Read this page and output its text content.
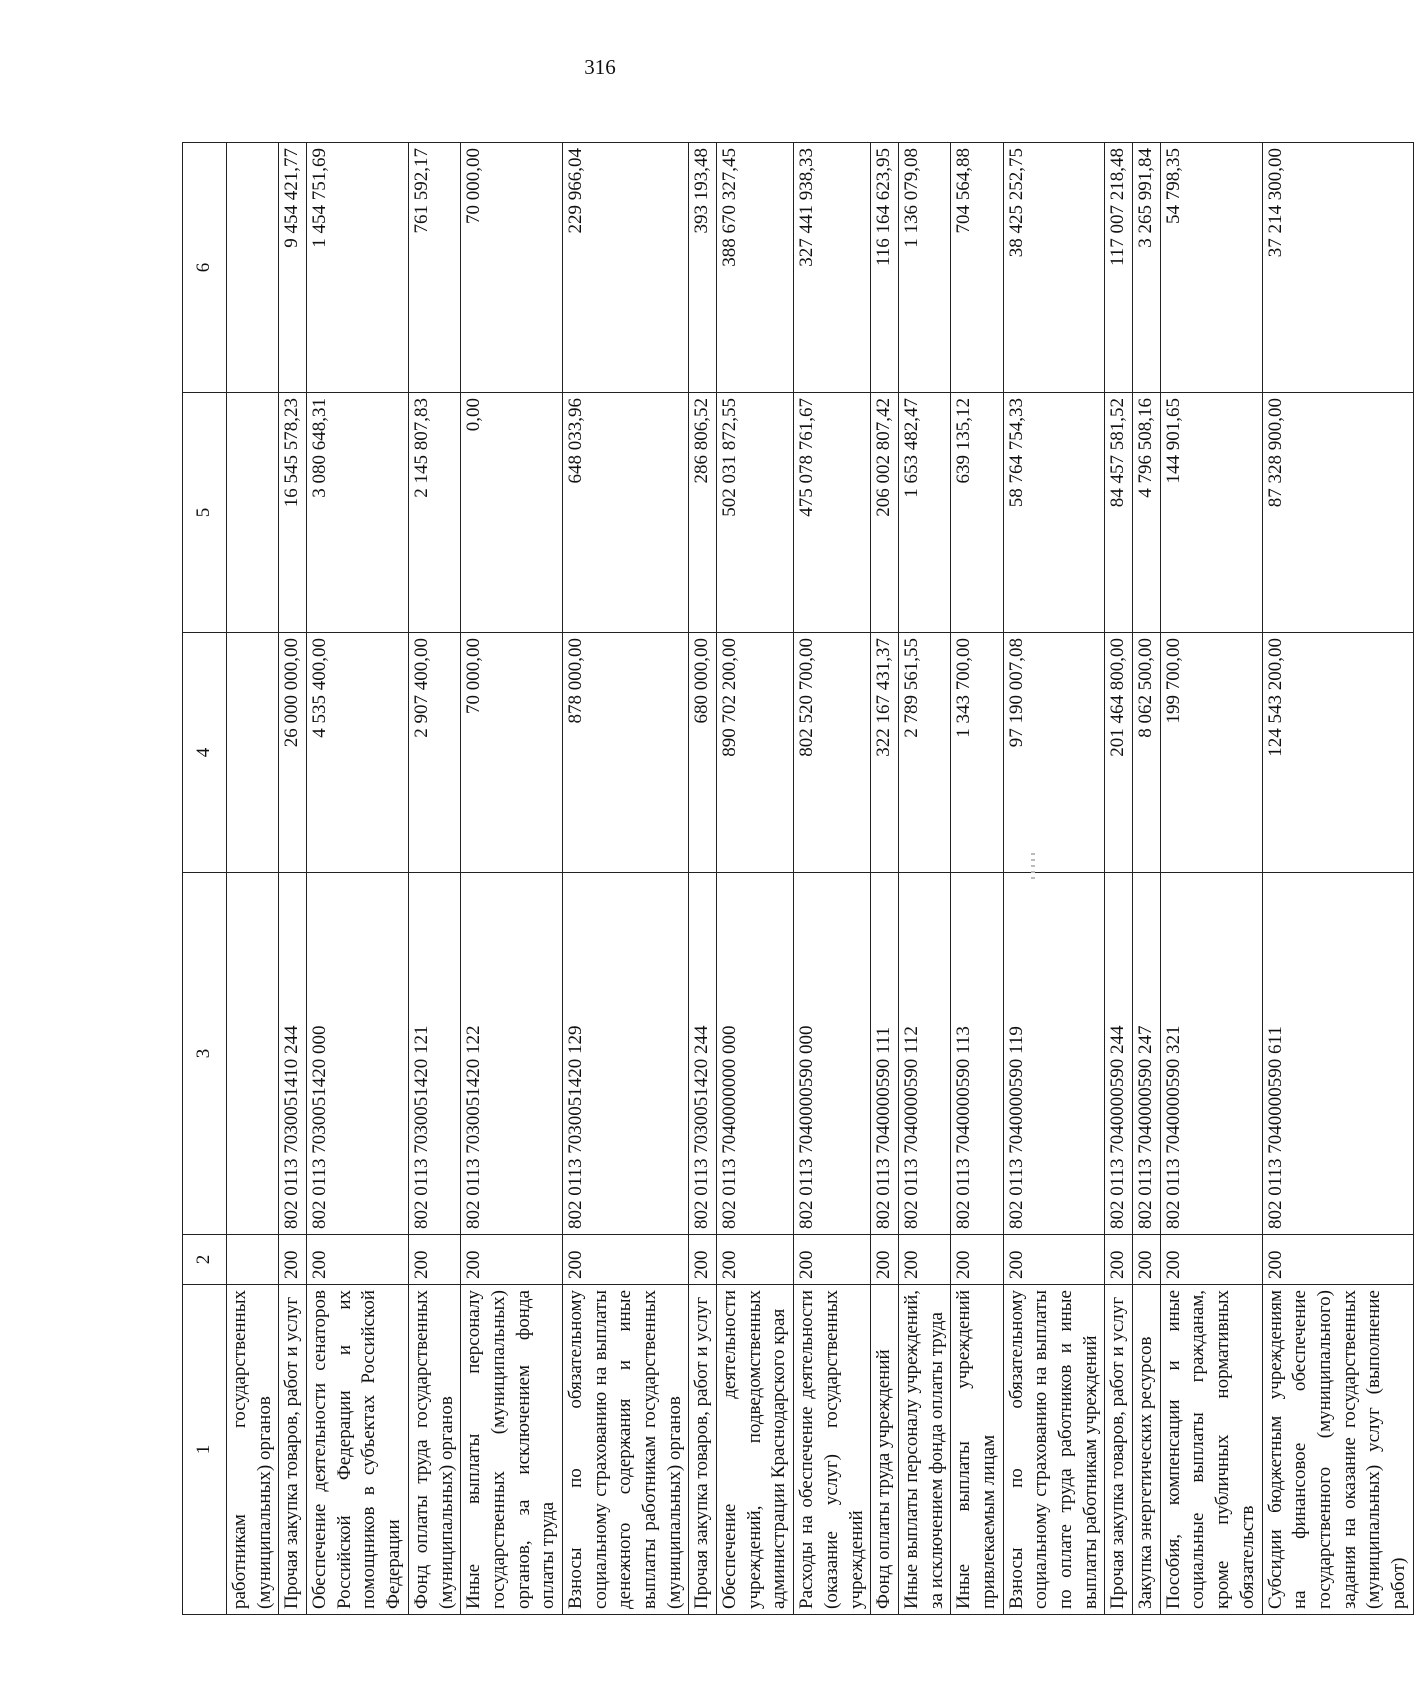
316
1	2	3	4	5	6
работникам государственных (муниципальных) органов					
Прочая закупка товаров, работ и услуг	200	802 0113 7030051410 244	26 000 000,00	16 545 578,23	9 454 421,77
Обеспечение деятельности сенаторов Российской Федерации и их помощников в субъектах Российской Федерации	200	802 0113 7030051420 000	4 535 400,00	3 080 648,31	1 454 751,69
Фонд оплаты труда государственных (муниципальных) органов	200	802 0113 7030051420 121	2 907 400,00	2 145 807,83	761 592,17
Иные выплаты персоналу государственных (муниципальных) органов, за исключением фонда оплаты труда	200	802 0113 7030051420 122	70 000,00	0,00	70 000,00
Взносы по обязательному социальному страхованию на выплаты денежного содержания и иные выплаты работникам государственных (муниципальных) органов	200	802 0113 7030051420 129	878 000,00	648 033,96	229 966,04
Прочая закупка товаров, работ и услуг	200	802 0113 7030051420 244	680 000,00	286 806,52	393 193,48
Обеспечение деятельности учреждений, подведомственных администрации Краснодарского края	200	802 0113 7040000000 000	890 702 200,00	502 031 872,55	388 670 327,45
Расходы на обеспечение деятельности (оказание услуг) государственных учреждений	200	802 0113 7040000590 000	802 520 700,00	475 078 761,67	327 441 938,33
Фонд оплаты труда учреждений	200	802 0113 7040000590 111	322 167 431,37	206 002 807,42	116 164 623,95
Иные выплаты персоналу учреждений, за исключением фонда оплаты труда	200	802 0113 7040000590 112	2 789 561,55	1 653 482,47	1 136 079,08
Иные выплаты учреждений привлекаемым лицам	200	802 0113 7040000590 113	1 343 700,00	639 135,12	704 564,88
Взносы по обязательному социальному страхованию на выплаты по оплате труда работников и иные выплаты работникам учреждений	200	802 0113 7040000590 119	97 190 007,08	58 764 754,33	38 425 252,75
Прочая закупка товаров, работ и услуг	200	802 0113 7040000590 244	201 464 800,00	84 457 581,52	117 007 218,48
Закупка энергетических ресурсов	200	802 0113 7040000590 247	8 062 500,00	4 796 508,16	3 265 991,84
Пособия, компенсации и иные социальные выплаты гражданам, кроме публичных нормативных обязательств	200	802 0113 7040000590 321	199 700,00	144 901,65	54 798,35
Субсидии бюджетным учреждениям на финансовое обеспечение государственного (муниципального) задания на оказание государственных (муниципальных) услуг (выполнение работ)	200	802 0113 7040000590 611	124 543 200,00	87 328 900,00	37 214 300,00
